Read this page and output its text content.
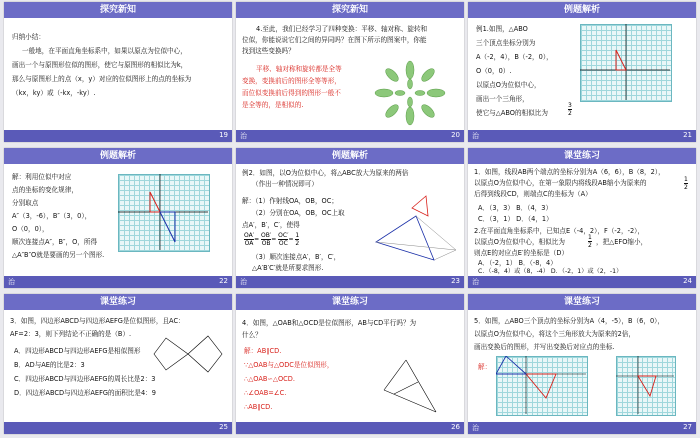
探究新知
归纳小结：
一般地，在平面直角坐标系中，如果以原点为位似中心，
画出一个与原图形位似的图形，使它与原图形的相似比为k，
那么与原图形上的点（x，y）对应的位似图形上的点的坐标为
（kx，ky）或（-kx，-ky）.
19
探究新知
4.至此，我们已经学习了四种变换：平移、轴对称、旋转和
位似，你能说说它们之间的异同吗？在图下所示的图案中，你能
找到这些变换吗？
平移、轴对称和旋转都是全等
变换，变换前后的图形全等等形，
而位似变换前后得到的图形一般不
是全等的，是相似的.
治	20
例题解析
例1.如图，△ABO
三个顶点坐标分别为
A（-2，4），B（-2，0），
O（0，0）.
以原点O为位似中心，
画出一个三角形，
使它与△ABO的相似比为	$\frac{3}{2}$
治	21
例题解析
解：利用位似中对应
点的坐标的变化规律，
分别取点
A″（3，-6），B″（3，0），
O（0，0），
顺次连接点A″，B″，O，所得
△A″B″O就是要画的另一个图形.
治	22
例题解析
例2．如图，以O为位似中心，将△ABC放大为原来的两倍
（作出一种情况即可）
解：（1）作射线OA，OB，OC；
（2）分别在OA，OB，OC上取
点A′，B′，C′，使得
$\frac{OA'}{OA} = \frac{OB'}{OB} = \frac{OC'}{OC} = \frac{1}{2}$
（3）顺次连接点A′，B′，C′，
△A′B′C′就是所要求图形.
治	23
课堂练习
1．如图，线段AB两个端点的坐标分别为A（6，6），B（8，2），
以原点O为位似中心，在第一象限内将线段AB缩小为原来的	$\frac{1}{2}$
后得到线段CD，则端点C的坐标为（A）
A．（3，3） B．（4，3）
C．（3，1） D．（4，1）
2.在平面直角坐标系中，已知点E（-4，2），F（-2，-2），
以原点O为位似中心，相似比为	$\frac{1}{2}$ ，把△EFO缩小，
则点E的对应点E′的坐标是（D）
A．（-2，1） B．（-8，4）
C．（-8，4）或（8，-4） D．（-2，1）或（2，-1）
治	24
课堂练习
3．如图，四边形ABCD与四边形AEFG是位似图形，且AC：
AF=2：3，则下列结论不正确的是（B）.
A．四边形ABCD与四边形AEFG是相似图形
B．AD与AE的比是2：3
C．四边形ABCD与四边形AEFG的周长比是2：3
D．四边形ABCD与四边形AEFG的面积比是4：9
25
课堂练习
4．如图，△OAB和△OCD是位似图形，AB与CD平行吗？为
什么？
解：AB∥CD.
∵△OAB与△ODC是位似图形，
∴△OAB∽△OCD.
∴∠OAB=∠C.
∴AB∥CD.
26
课堂练习
5．如图，△ABO三个顶点的坐标分别为A（4，-5），B（6，0），
以原点O为位似中心，将这个三角形放大为原来的2倍，
画出变换后的图形，并写出变换后对应点的坐标.
解：
治	27
